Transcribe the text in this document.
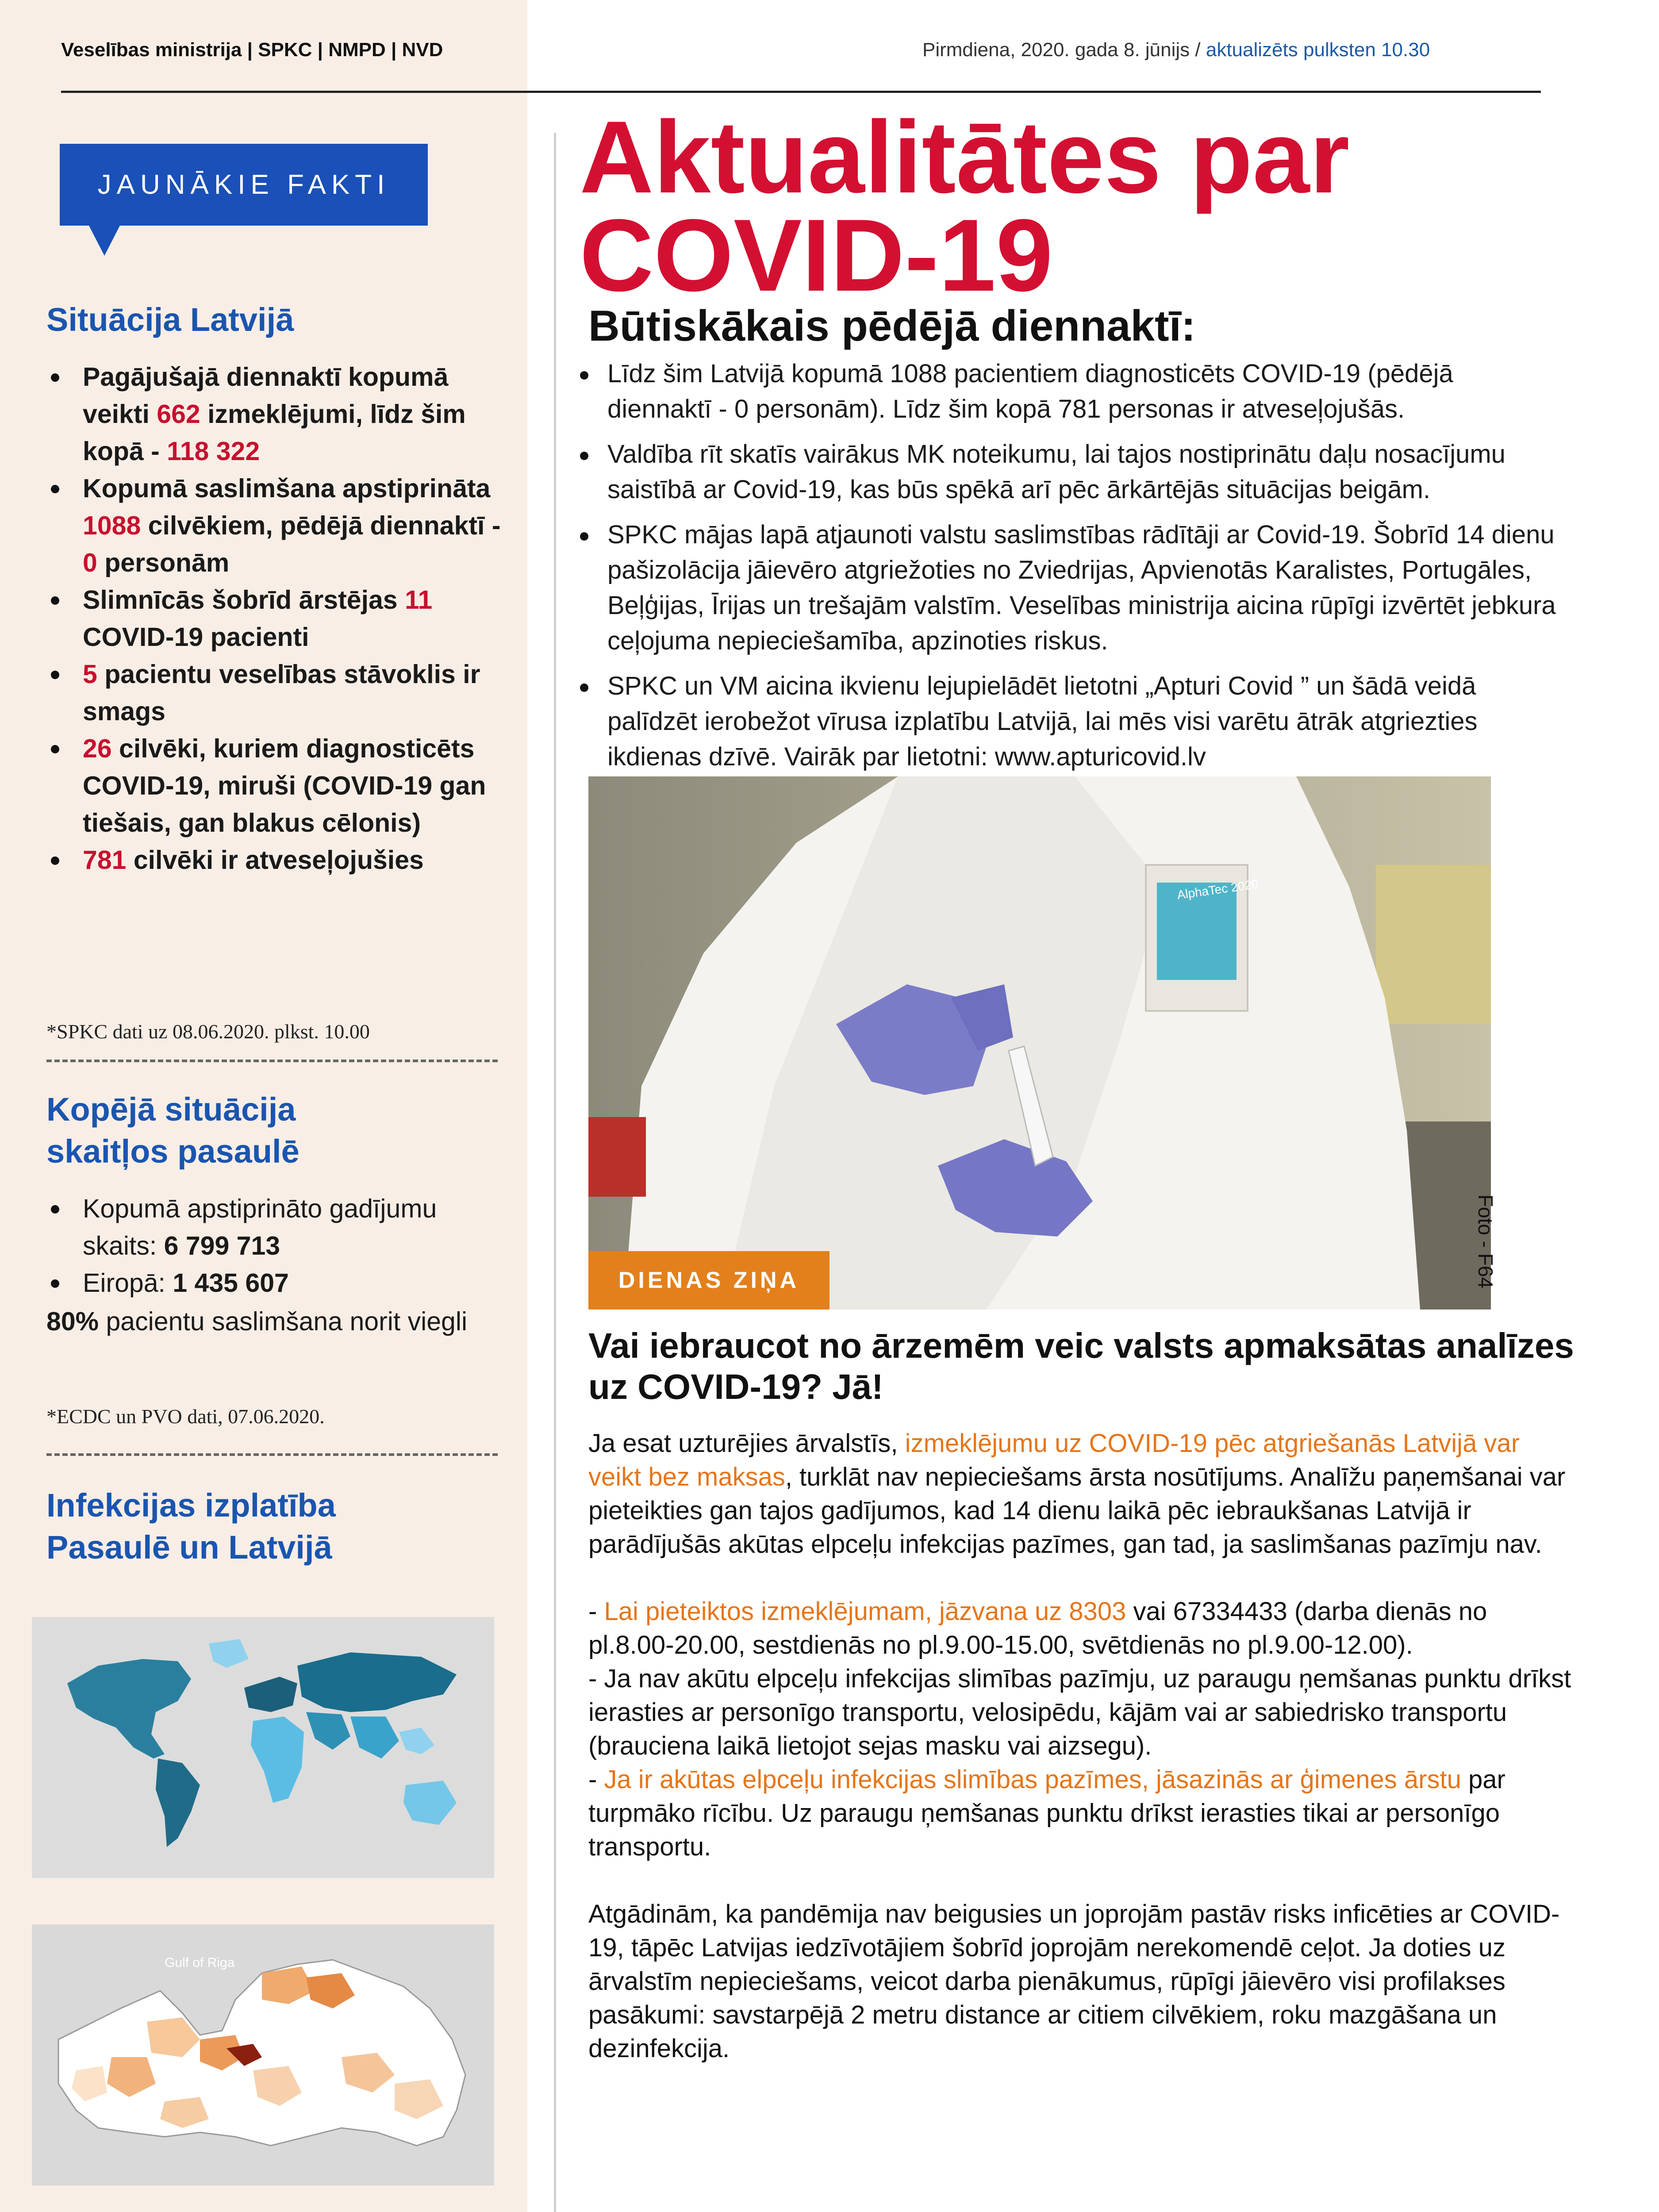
Veselības ministrija | SPKC | NMPD | NVD	Pirmdiena, 2020. gada 8. jūnijs / aktualizēts pulksten 10.30
JAUNĀKIE FAKTI
Situācija Latvijā
Pagājušajā diennaktī kopumā veikti 662 izmeklējumi, līdz šim kopā - 118 322
Kopumā saslimšana apstiprināta 1088 cilvēkiem, pēdējā diennaktī - 0 personām
Slimnīcās šobrīd ārstējas 11 COVID-19 pacienti
5 pacientu veselības stāvoklis ir smags
26 cilvēki, kuriem diagnosticēts COVID-19, miruši (COVID-19 gan tiešais, gan blakus cēlonis)
781 cilvēki ir atveseļojušies
*SPKC dati uz 08.06.2020. plkst. 10.00
Kopējā situācija
skaitļos pasaulē
Kopumā apstiprināto gadījumu skaits: 6 799 713
Eiropā: 1 435 607
80% pacientu saslimšana norit viegli
*ECDC un PVO dati, 07.06.2020.
Infekcijas izplatība
Pasaulē un Latvijā
Gulf of Riga
Aktualitātes par
COVID-19
Būtiskākais pēdējā diennaktī:
Līdz šim Latvijā kopumā 1088 pacientiem diagnosticēts COVID-19 (pēdējā diennaktī - 0 personām). Līdz šim kopā 781 personas ir atveseļojušās.
Valdība rīt skatīs vairākus MK noteikumu, lai tajos nostiprinātu daļu nosacījumu saistībā ar Covid-19, kas būs spēkā arī pēc ārkārtējās situācijas beigām.
SPKC mājas lapā atjaunoti valstu saslimstības rādītāji ar Covid-19. Šobrīd 14 dienu pašizolācija jāievēro atgriežoties no Zviedrijas, Apvienotās Karalistes, Portugāles, Beļģijas, Īrijas un trešajām valstīm. Veselības ministrija aicina rūpīgi izvērtēt jebkura ceļojuma nepieciešamība, apzinoties riskus.
SPKC un VM aicina ikvienu lejupielādēt lietotni „Apturi Covid ” un šādā veidā palīdzēt ierobežot vīrusa izplatību Latvijā, lai mēs visi varētu ātrāk atgriezties ikdienas dzīvē. Vairāk par lietotni: www.apturicovid.lv
AlphaTec 2020
DIENAS ZIŅA	Foto - F64
Vai iebraucot no ārzemēm veic valsts apmaksātas analīzes uz COVID-19? Jā!

Ja esat uzturējies ārvalstīs, izmeklējumu uz COVID-19 pēc atgriešanās Latvijā var veikt bez maksas, turklāt nav nepieciešams ārsta nosūtījums. Analīžu paņemšanai var pieteikties gan tajos gadījumos, kad 14 dienu laikā pēc iebraukšanas Latvijā ir parādījušās akūtas elpceļu infekcijas pazīmes, gan tad, ja saslimšanas pazīmju nav.

- Lai pieteiktos izmeklējumam, jāzvana uz 8303 vai 67334433 (darba dienās no pl.8.00-20.00, sestdienās no pl.9.00-15.00, svētdienās no pl.9.00-12.00).
- Ja nav akūtu elpceļu infekcijas slimības pazīmju, uz paraugu ņemšanas punktu drīkst ierasties ar personīgo transportu, velosipēdu, kājām vai ar sabiedrisko transportu (brauciena laikā lietojot sejas masku vai aizsegu).
- Ja ir akūtas elpceļu infekcijas slimības pazīmes, jāsazinās ar ģimenes ārstu par turpmāko rīcību. Uz paraugu ņemšanas punktu drīkst ierasties tikai ar personīgo transportu.

Atgādinām, ka pandēmija nav beigusies un joprojām pastāv risks inficēties ar COVID-19, tāpēc Latvijas iedzīvotājiem šobrīd joprojām nerekomendē ceļot. Ja doties uz ārvalstīm nepieciešams, veicot darba pienākumus, rūpīgi jāievēro visi profilakses pasākumi: savstarpējā 2 metru distance ar citiem cilvēkiem, roku mazgāšana un dezinfekcija.
